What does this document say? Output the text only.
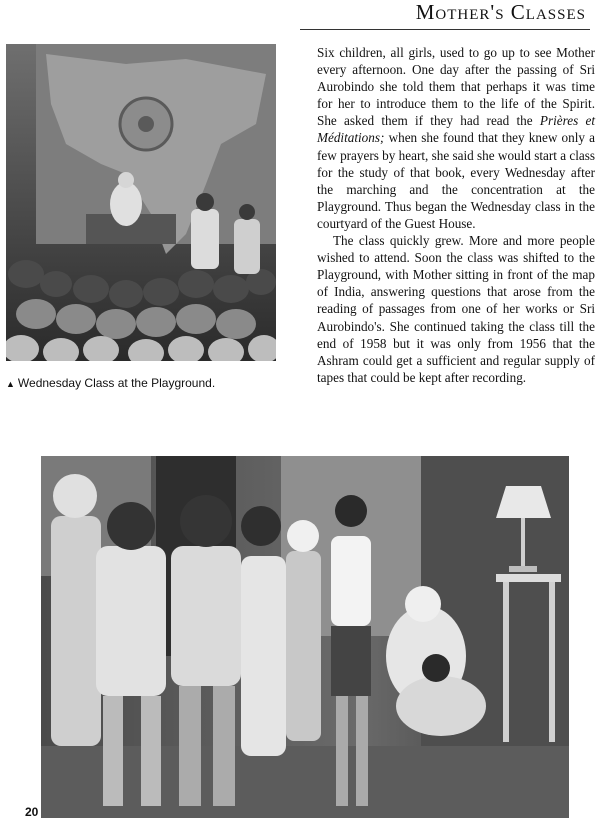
Mother's Classes
▲ Wednesday Class at the Playground.

Six children, all girls, used to go up to see Mother every afternoon. One day after the passing of Sri Aurobindo she told them that perhaps it was time for her to introduce them to the life of the Spirit. She asked them if they had read the Prières et Méditations; when she found that they knew only a few prayers by heart, she said she would start a class for the study of that book, every Wednesday after the marching and the concentration at the Playground. Thus began the Wednesday class in the courtyard of the Guest House.

The class quickly grew. More and more people wished to attend. Soon the class was shifted to the Playground, with Mother sitting in front of the map of India, answering questions that arose from the reading of passages from one of her works or Sri Aurobindo's. She continued taking the class till the end of 1958 but it was only from 1956 that the Ashram could get a sufficient and regular supply of tapes that could be kept after recording.

20
